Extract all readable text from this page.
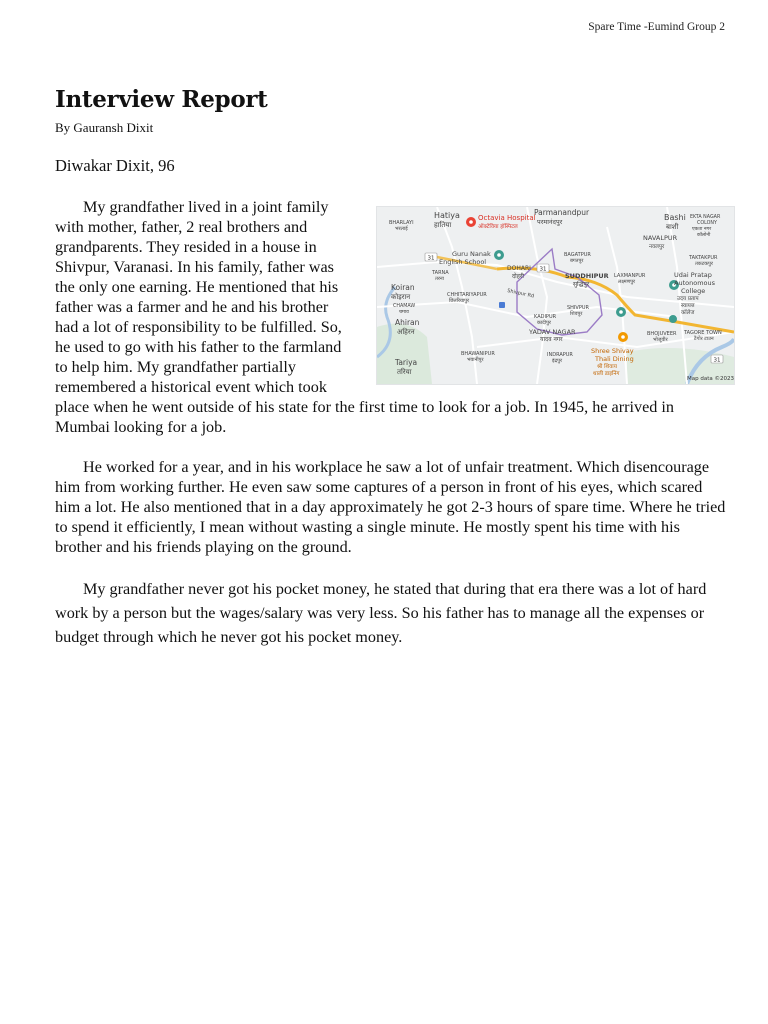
Spare Time -Eumind Group 2
Interview Report
By Gauransh Dixit
Diwakar Dixit, 96
31
31
31
Hatiya
हातिया
Parmanandpur
परमानंदपुर	Bashi
बाशी
EKTA NAGAR
COLONY
एकता नगर
कॉलोनी
BHARLAYI
भरलाई
NAVALPUR
नवलपुर
Guru Nanak
English School
BAGATPUR
बगतपुर
TARNA
तरना
DOHARI
दोहरी	Udai Pratap
Autonomous
College
उदय प्रताप
स्वायत्त
कॉलेज
TAKTAKPUR
तकटकपुर
SUDDHIPUR
सुद्धिपुर
LAXMANPUR
लक्ष्मणपुर
Koiran
कोइरान
CHAMAW
चमाव
CHHITARIYAPUR
छितरियापुर
SHIVPUR
शिवपुर
Shivpur Rd
KADIPUR
कादीपुर
Ahiran
अहिरन	YADAV NAGAR
यादव नगर
BHOJUVEER
भोजूवीर
TAGORE TOWN
टैगोर टाउन
BHAWANIPUR
भवानीपुर
INDRAPUR
इंद्रपुर
Tariya
तरिया
Map data ©2023
Octavia Hospital
ऑक्टेविया हॉस्पिटल
Shree Shivay
Thali Dining
श्री शिवाय
थाली डाइनिंग

My grandfather lived in a joint family with mother, father, 2 real brothers and grandparents. They resided in a house in Shivpur, Varanasi. In his family, father was the only one earning. He mentioned that his father was a farmer and he and his brother had a lot of responsibility to be fulfilled. So, he used to go with his father to the farmland to help him. My grandfather partially remembered a historical event which took place when he went outside of his state for the first time to look for a job. In 1945, he arrived in Mumbai looking for a job.

He worked for a year, and in his workplace he saw a lot of unfair treatment. Which disencourage him from working further. He even saw some captures of a person in front of his eyes, which scared him a lot. He also mentioned that in a day approximately he got 2-3 hours of spare time. Where he tried to spend it efficiently, I mean without wasting a single minute. He mostly spent his time with his brother and his friends playing on the ground.

My grandfather never got his pocket money, he stated that during that era there was a lot of hard work by a person but the wages/salary was very less. So his father has to manage all the expenses or budget through which he never got his pocket money.
